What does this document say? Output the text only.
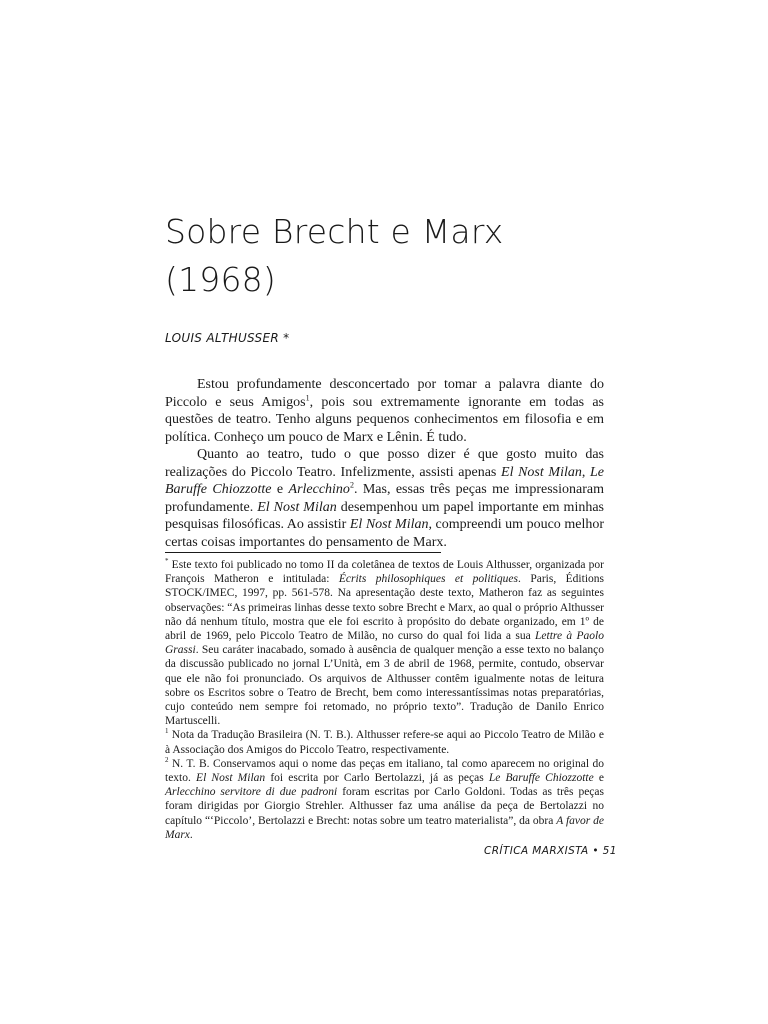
Sobre Brecht e Marx
(1968)
LOUIS ALTHUSSER *

Estou profundamente desconcertado por tomar a palavra diante do Piccolo e seus Amigos$^1$, pois sou extremamente ignorante em todas as questões de teatro. Tenho alguns pequenos conhecimentos em filosofia e em política. Conheço um pouco de Marx e Lênin. É tudo.

Quanto ao teatro, tudo o que posso dizer é que gosto muito das realizações do Piccolo Teatro. Infelizmente, assisti apenas El Nost Milan, Le Baruffe Chiozzotte e Arlecchino$^2$. Mas, essas três peças me impressionaram profundamente. El Nost Milan desempenhou um papel importante em minhas pesquisas filosóficas. Ao assistir El Nost Milan, compreendi um pouco melhor certas coisas importantes do pensamento de Marx.

* Este texto foi publicado no tomo II da coletânea de textos de Louis Althusser, organizada por François Matheron e intitulada: Écrits philosophiques et politiques. Paris, Éditions STOCK/IMEC, 1997, pp. 561-578. Na apresentação deste texto, Matheron faz as seguintes observações: “As primeiras linhas desse texto sobre Brecht e Marx, ao qual o próprio Althusser não dá nenhum título, mostra que ele foi escrito à propósito do debate organizado, em 1º de abril de 1969, pelo Piccolo Teatro de Milão, no curso do qual foi lida a sua Lettre à Paolo Grassi. Seu caráter inacabado, somado à ausência de qualquer menção a esse texto no balanço da discussão publicado no jornal L’Unità, em 3 de abril de 1968, permite, contudo, observar que ele não foi pronunciado. Os arquivos de Althusser contêm igualmente notas de leitura sobre os Escritos sobre o Teatro de Brecht, bem como interessantíssimas notas preparatórias, cujo conteúdo nem sempre foi retomado, no próprio texto”. Tradução de Danilo Enrico Martuscelli.

$^1$ Nota da Tradução Brasileira (N. T. B.). Althusser refere-se aqui ao Piccolo Teatro de Milão e à Associação dos Amigos do Piccolo Teatro, respectivamente.

$^2$ N. T. B. Conservamos aqui o nome das peças em italiano, tal como aparecem no original do texto. El Nost Milan foi escrita por Carlo Bertolazzi, já as peças Le Baruffe Chiozzotte e Arlecchino servitore di due padroni foram escritas por Carlo Goldoni. Todas as três peças foram dirigidas por Giorgio Strehler. Althusser faz uma análise da peça de Bertolazzi no capítulo “‘Piccolo’, Bertolazzi e Brecht: notas sobre um teatro materialista”, da obra A favor de Marx.

CRÍTICA MARXISTA • 51
